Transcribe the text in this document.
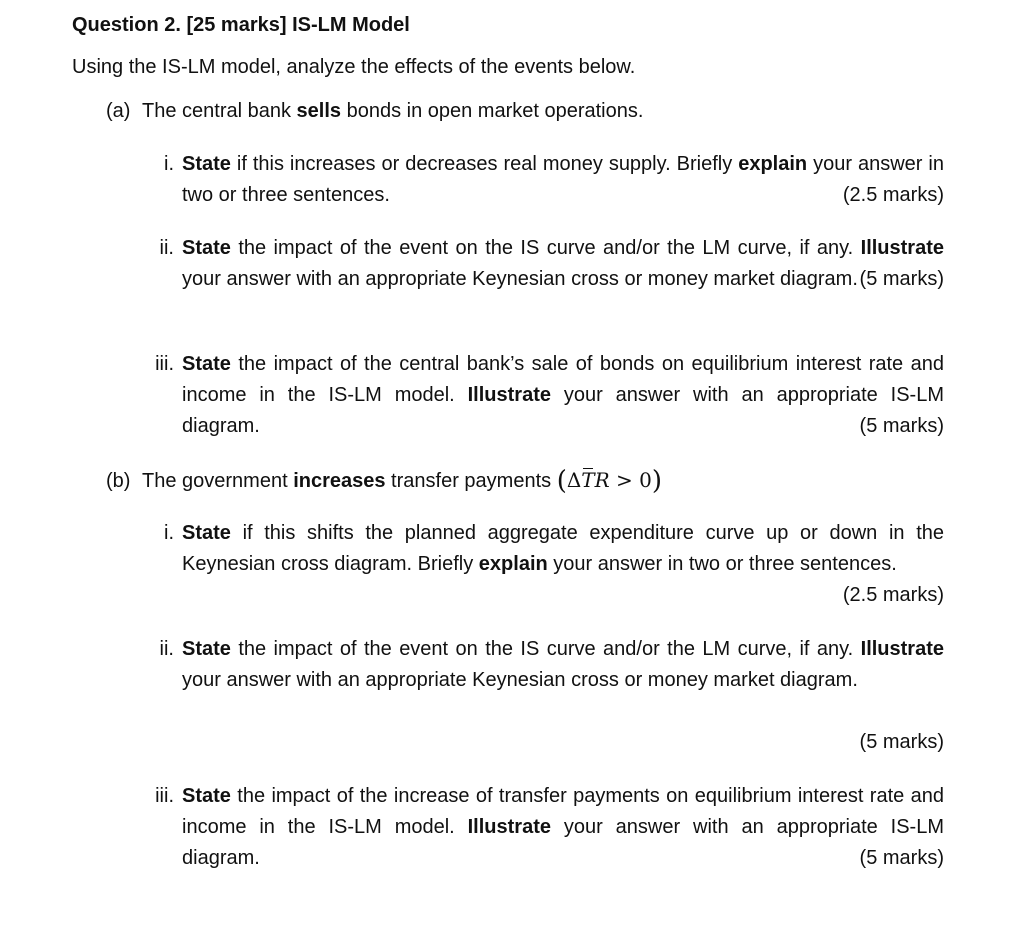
Question 2. [25 marks] IS-LM Model
Using the IS-LM model, analyze the effects of the events below.
(a) The central bank sells bonds in open market operations.
i. State if this increases or decreases real money supply. Briefly explain your answer in two or three sentences.	(2.5 marks)
ii. State the impact of the event on the IS curve and/or the LM curve, if any. Illustrate your answer with an appropriate Keynesian cross or money market diagram. (5 marks)
iii. State the impact of the central bank’s sale of bonds on equilibrium interest rate and income in the IS-LM model. Illustrate your answer with an appropriate IS-LM diagram.	(5 marks)
(b) The government increases transfer payments (ΔTR > 0)
i. State if this shifts the planned aggregate expenditure curve up or down in the Keynesian cross diagram. Briefly explain your answer in two or three sentences.
(2.5 marks)
ii. State the impact of the event on the IS curve and/or the LM curve, if any. Illustrate your answer with an appropriate Keynesian cross or money market diagram.
(5 marks)
iii. State the impact of the increase of transfer payments on equilibrium interest rate and income in the IS-LM model. Illustrate your answer with an appropriate IS-LM diagram.	(5 marks)
